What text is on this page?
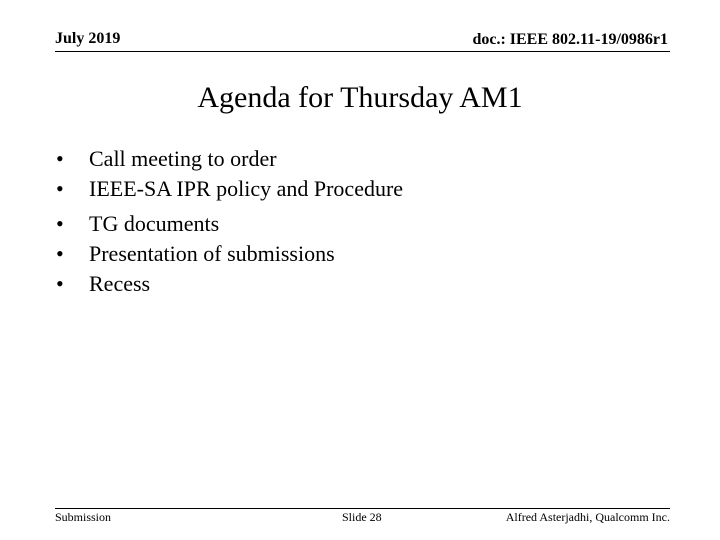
July 2019	doc.: IEEE 802.11-19/0986r1
Agenda for Thursday AM1
• Call meeting to order
• IEEE-SA IPR policy and Procedure
• TG documents
• Presentation of submissions
• Recess
Submission	Slide 28	Alfred Asterjadhi, Qualcomm Inc.
